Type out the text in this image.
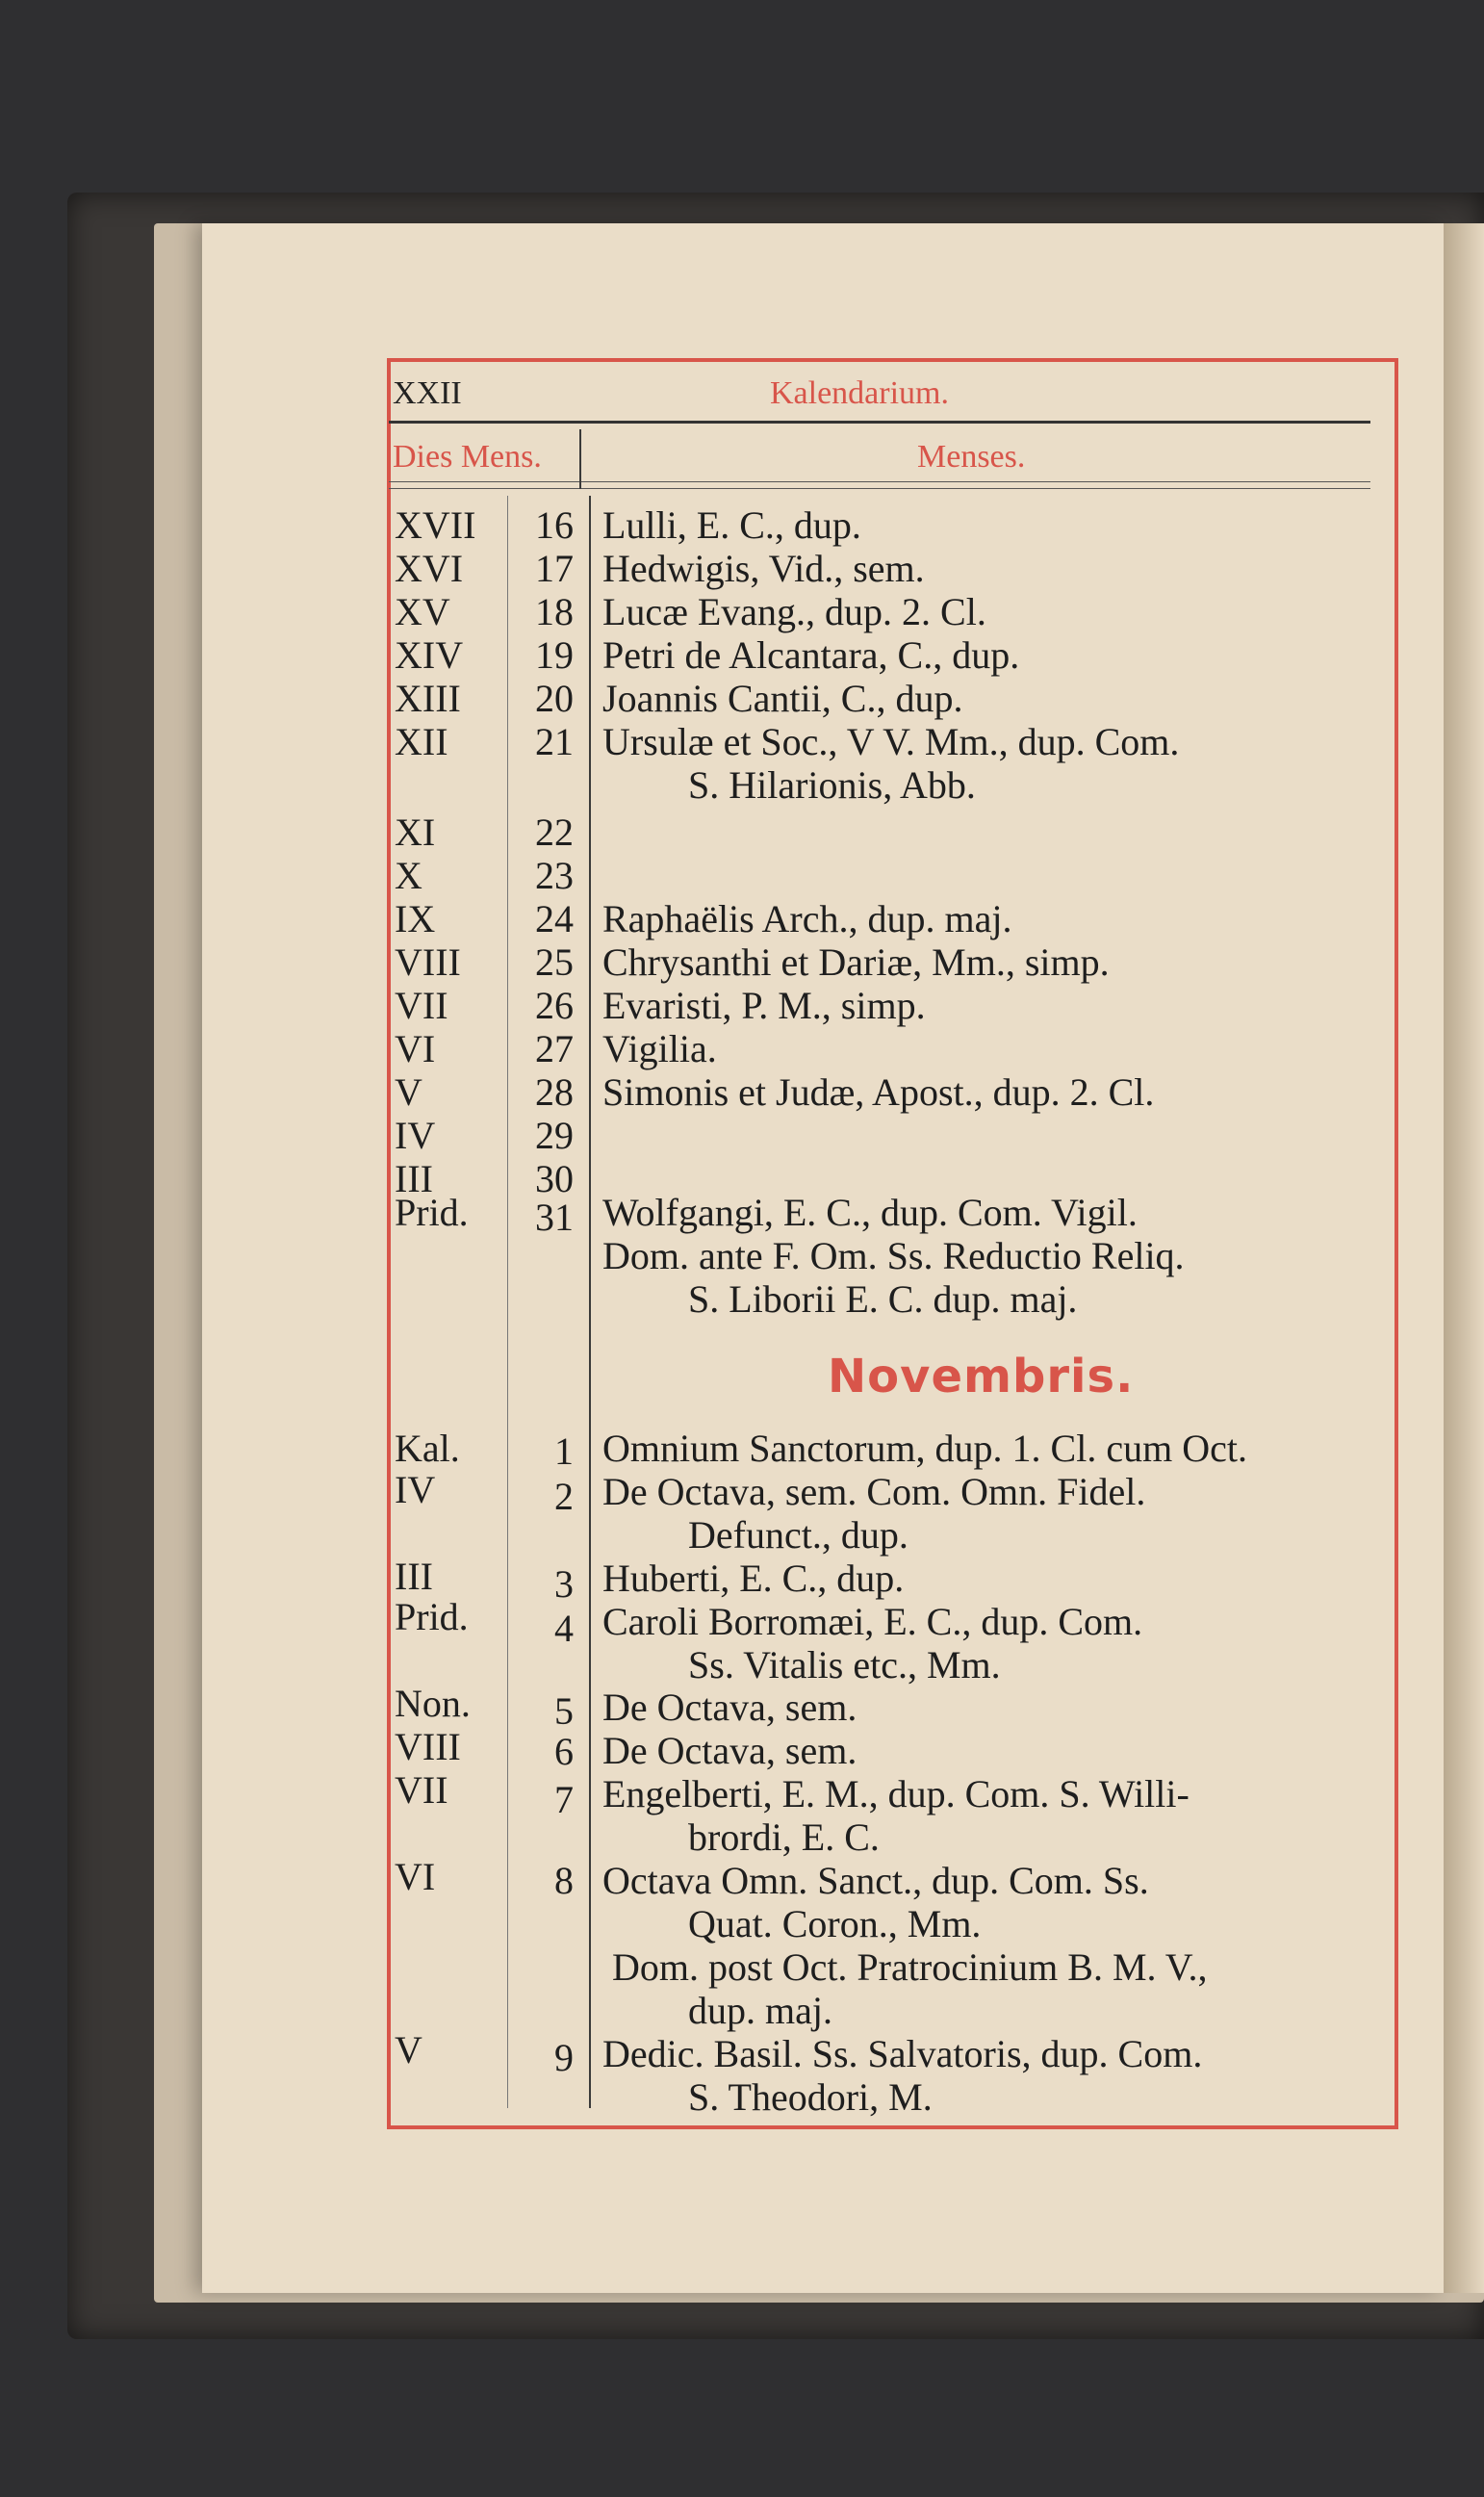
XXII	Kalendarium.
Dies Mens.	Menses.
XVII	16 Lulli, E. C., dup.
XVI	17 Hedwigis, Vid., sem.
XV	18 Lucæ Evang., dup. 2. Cl.
XIV	19 Petri de Alcantara, C., dup.
XIII	20 Joannis Cantii, C., dup.
XII	21 Ursulæ et Soc., V V. Mm., dup. Com.
S. Hilarionis, Abb.
XI	22
X	23
IX	24 Raphaëlis Arch., dup. maj.
VIII	25 Chrysanthi et Dariæ, Mm., simp.
VII	26 Evaristi, P. M., simp.
VI	27 Vigilia.
V	28 Simonis et Judæ, Apost., dup. 2. Cl.
IV	29
III	30
Prid.	31 Wolfgangi, E. C., dup. Com. Vigil.
Dom. ante F. Om. Ss. Reductio Reliq.
S. Liborii E. C. dup. maj.
Novembris.
Kal.	1 Omnium Sanctorum, dup. 1. Cl. cum Oct.
IV	2 De Octava, sem. Com. Omn. Fidel.
Defunct., dup.
III	3 Huberti, E. C., dup.
Prid.	4 Caroli Borromæi, E. C., dup. Com.
Ss. Vitalis etc., Mm.
Non.	5 De Octava, sem.
VIII	6 De Octava, sem.
VII	7 Engelberti, E. M., dup. Com. S. Willi-
brordi, E. C.
VI	8 Octava Omn. Sanct., dup. Com. Ss.
Quat. Coron., Mm.
Dom. post Oct. Pratrocinium B. M. V.,
dup. maj.
V	9 Dedic. Basil. Ss. Salvatoris, dup. Com.
S. Theodori, M.
